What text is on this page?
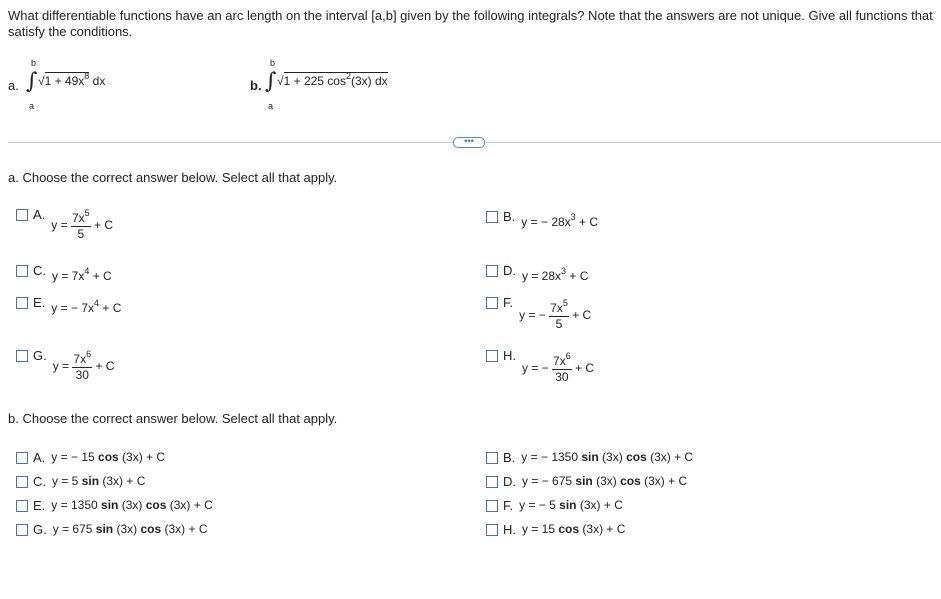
What differentiable functions have an arc length on the interval [a,b] given by the following integrals? Note that the answers are not unique. Give all functions that satisfy the conditions.
a.
b
∫
a
$√1 + 49x^8$ dx	b.
b
∫
a
√1 + 225 $\cos^2(3x)$ dx
•••
a. Choose the correct answer below. Select all that apply.
A.
$y = \frac{7x^5}{5} + C$
B. y = − $28x^3 + C$
C. $y = 7x^4 + C$	D. $y = 28x^3 + C$
E. y = − $7x^4 + C$	F.
y = − $\frac{7x^5}{5} + C$
G.
$y = \frac{7x^6}{30} + C$
H.
y = − $\frac{7x^6}{30} + C$
b. Choose the correct answer below. Select all that apply.
A. y = − 15 cos (3x) + C	B. y = − 1350 sin (3x) cos (3x) + C
C. y = 5 sin (3x) + C	D. y = − 675 sin (3x) cos (3x) + C
E. y = 1350 sin (3x) cos (3x) + C	F. y = − 5 sin (3x) + C
G. y = 675 sin (3x) cos (3x) + C	H. y = 15 cos (3x) + C
